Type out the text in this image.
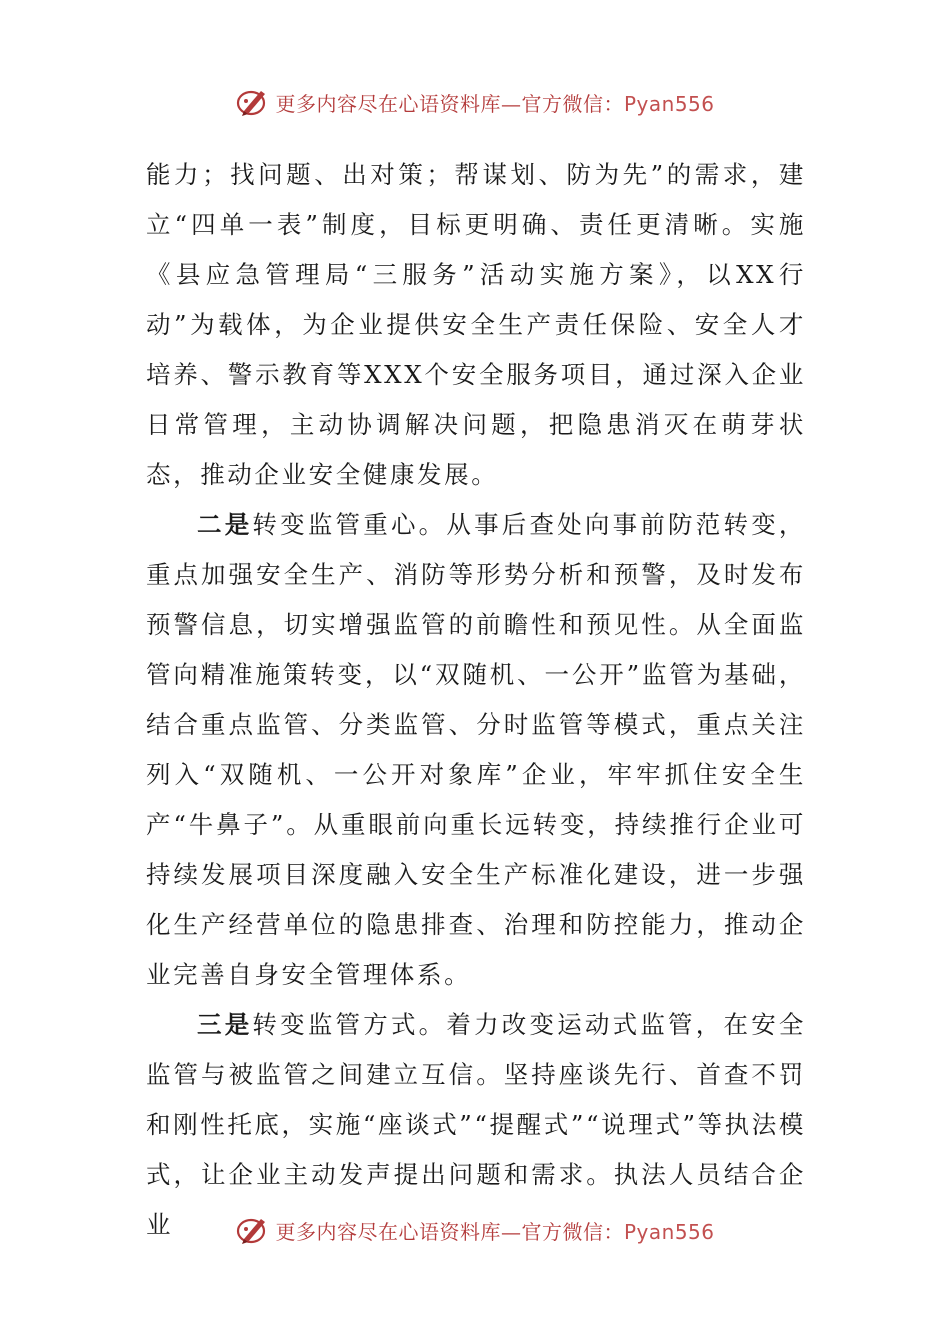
更多内容尽在心语资料库—官方微信：Pyan556

能力；找问题、出对策；帮谋划、防为先”的需求，建立“四单一表”制度，目标更明确、责任更清晰。实施《县应急管理局“三服务”活动实施方案》，以XX行动”为载体，为企业提供安全生产责任保险、安全人才培养、警示教育等XXX个安全服务项目，通过深入企业日常管理，主动协调解决问题，把隐患消灭在萌芽状态，推动企业安全健康发展。

二是转变监管重心。从事后查处向事前防范转变，重点加强安全生产、消防等形势分析和预警，及时发布预警信息，切实增强监管的前瞻性和预见性。从全面监管向精准施策转变，以“双随机、一公开”监管为基础，结合重点监管、分类监管、分时监管等模式，重点关注列入“双随机、一公开对象库”企业，牢牢抓住安全生产“牛鼻子”。从重眼前向重长远转变，持续推行企业可持续发展项目深度融入安全生产标准化建设，进一步强化生产经营单位的隐患排查、治理和防控能力，推动企业完善自身安全管理体系。

三是转变监管方式。着力改变运动式监管，在安全监管与被监管之间建立互信。坚持座谈先行、首查不罚和刚性托底，实施“座谈式”“提醒式”“说理式”等执法模式，让企业主动发声提出问题和需求。执法人员结合企业	更多内容尽在心语资料库—官方微信：Pyan556
